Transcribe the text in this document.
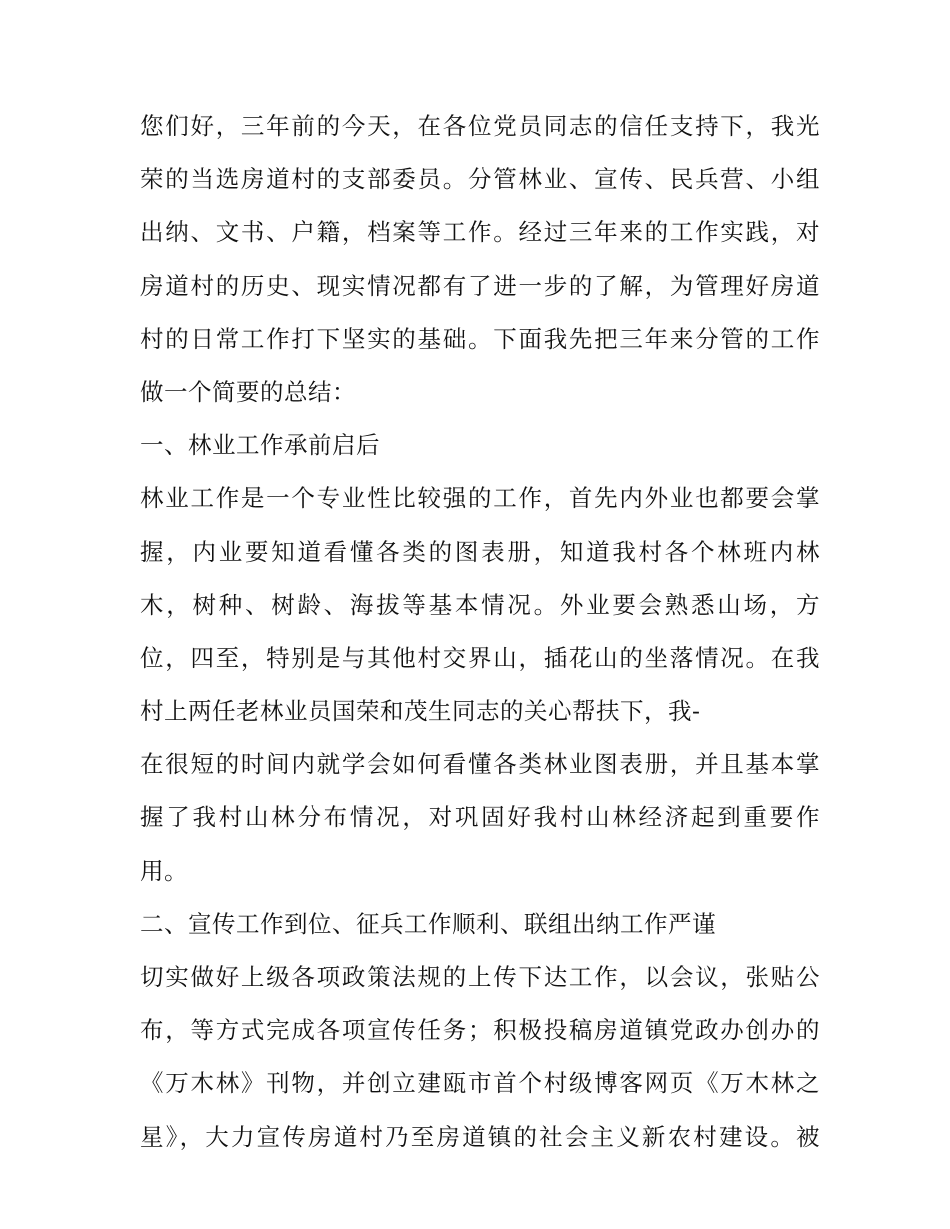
您们好，三年前的今天，在各位党员同志的信任支持下，我光
荣的当选房道村的支部委员。分管林业、宣传、民兵营、小组
出纳、文书、户籍，档案等工作。经过三年来的工作实践，对
房道村的历史、现实情况都有了进一步的了解，为管理好房道
村的日常工作打下坚实的基础。下面我先把三年来分管的工作
做一个简要的总结：
一、林业工作承前启后
林业工作是一个专业性比较强的工作，首先内外业也都要会掌
握，内业要知道看懂各类的图表册，知道我村各个林班内林
木，树种、树龄、海拔等基本情况。外业要会熟悉山场，方
位，四至，特别是与其他村交界山，插花山的坐落情况。在我
村上两任老林业员国荣和茂生同志的关心帮扶下，我-
在很短的时间内就学会如何看懂各类林业图表册，并且基本掌
握了我村山林分布情况，对巩固好我村山林经济起到重要作
用。
二、宣传工作到位、征兵工作顺利、联组出纳工作严谨
切实做好上级各项政策法规的上传下达工作，以会议，张贴公
布，等方式完成各项宣传任务；积极投稿房道镇党政办创办的
《万木林》刊物，并创立建瓯市首个村级博客网页《万木林之
星》，大力宣传房道村乃至房道镇的社会主义新农村建设。被
